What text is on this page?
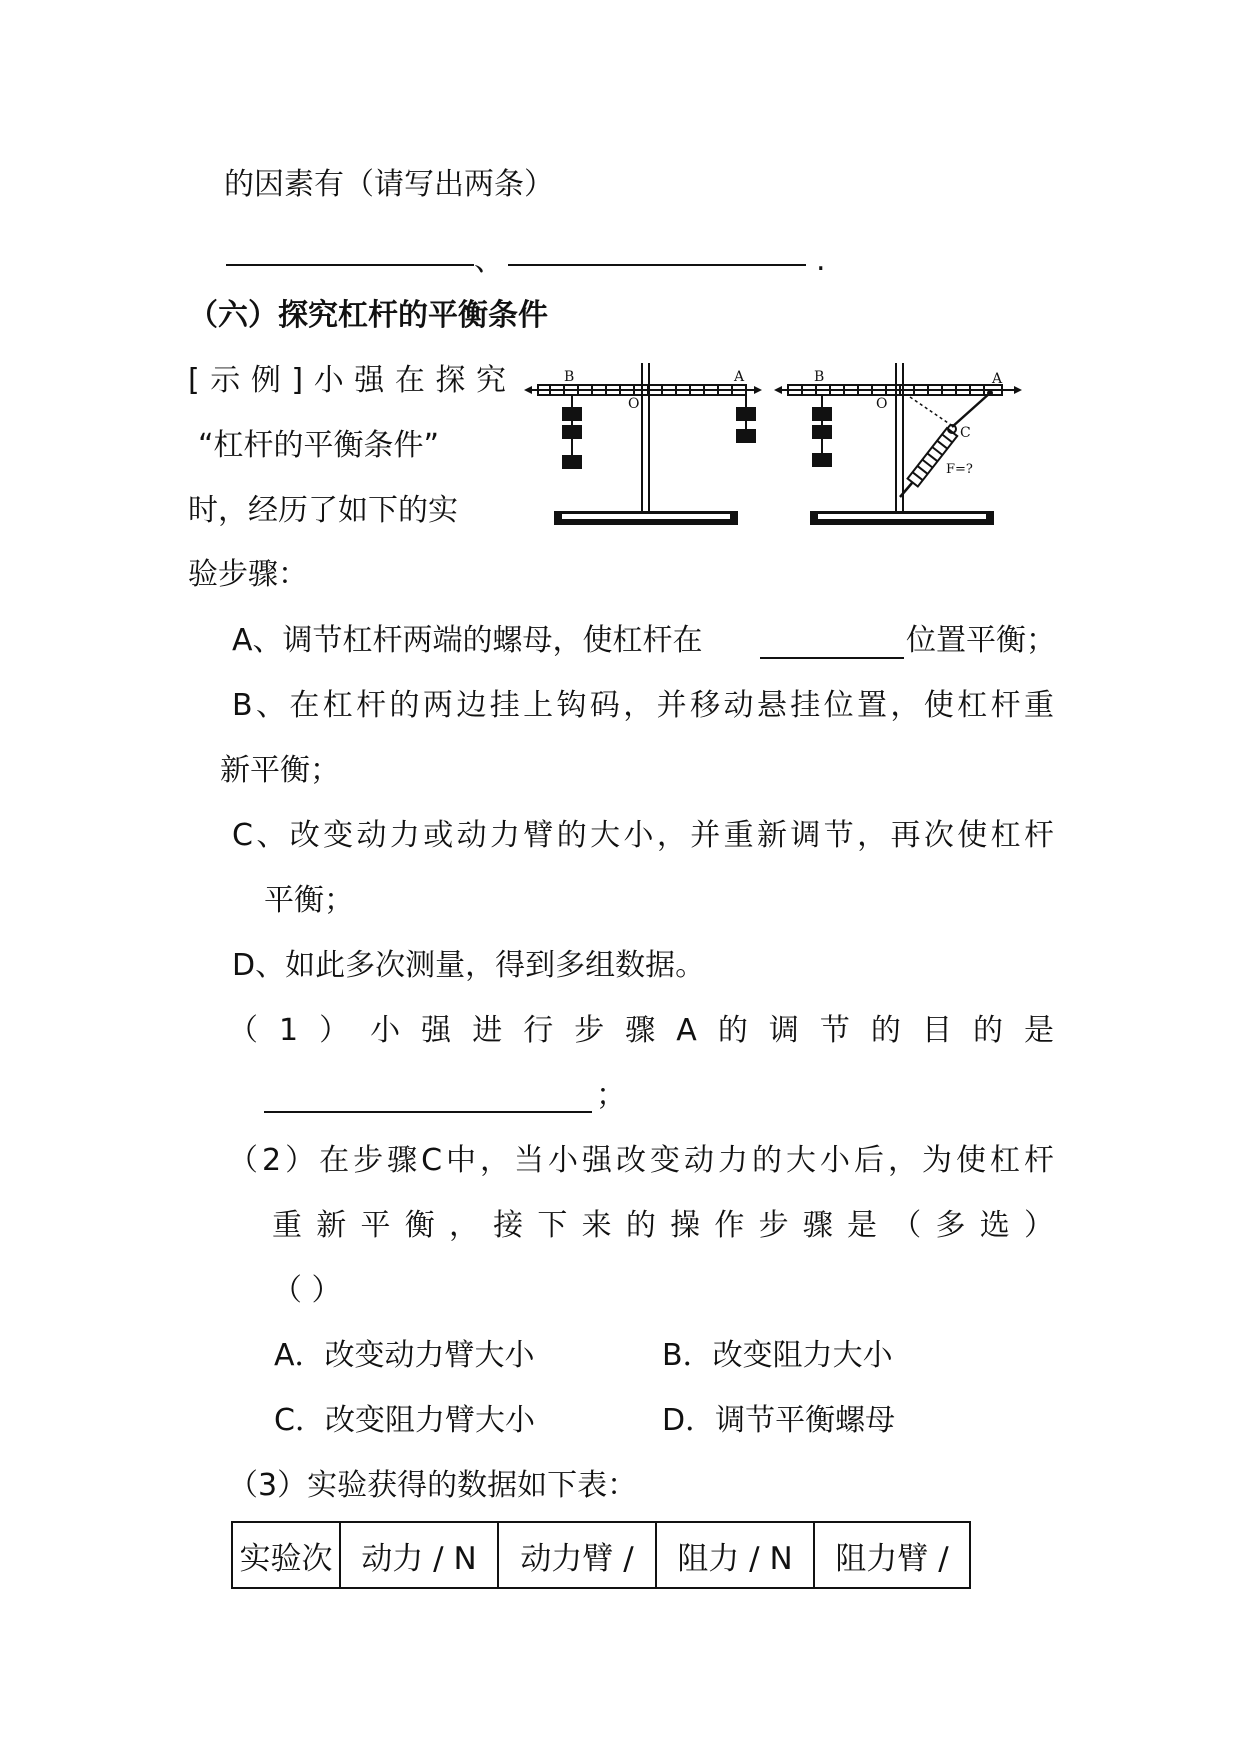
的因素有（请写出两条）
、	.
（六）探究杠杆的平衡条件
[示例]小强在探究
“杠杆的平衡条件”
时，经历了如下的实
验步骤：
B
O
A	B
O
A
C
F=?
A、调节杠杆两端的螺母，使杠杆在	位置平衡；
B、在杠杆的两边挂上钩码，并移动悬挂位置，使杠杆重
新平衡；
C、改变动力或动力臂的大小，并重新调节，再次使杠杆
平衡；
D、如此多次测量，得到多组数据。
（1）小强进行步骤A的调节的目的是
；
（2）在步骤C中，当小强改变动力的大小后，为使杠杆
重新平衡，接下来的操作步骤是（多选）
（ ）
A．改变动力臂大小	B．改变阻力大小
C．改变阻力臂大小	D．调节平衡螺母
（3）实验获得的数据如下表：
实验次	动力 / N	动力臂 /	阻力 / N	阻力臂 /
